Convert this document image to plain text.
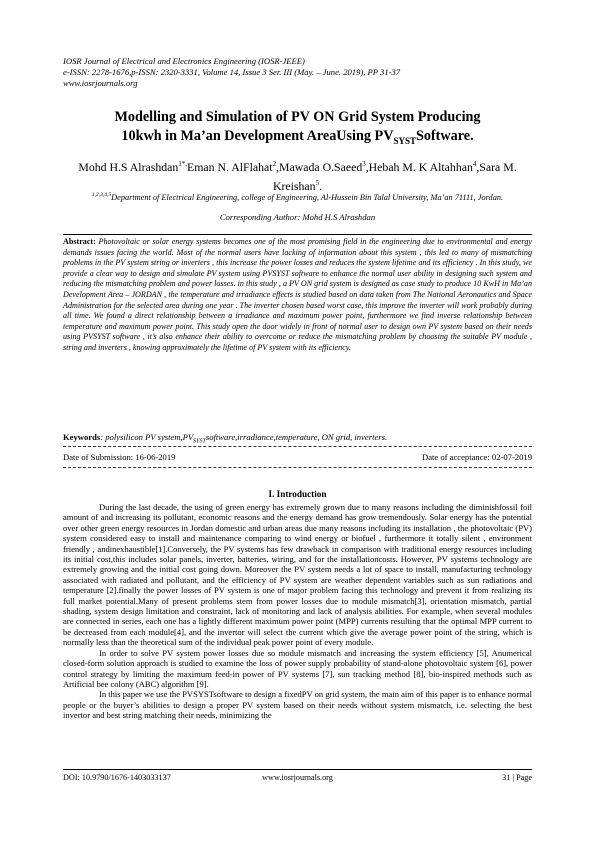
IOSR Journal of Electrical and Electronics Engineering (IOSR-JEEE)
e-ISSN: 2278-1676,p-ISSN: 2320-3331, Volume 14, Issue 3 Ser. III (May. – June. 2019), PP 31-37
www.iosrjournals.org
Modelling and Simulation of PV ON Grid System Producing
10kwh in Ma’an Development AreaUsing $PV_{SYST}Software$.
Mohd H.S Alrashdan$^{1*,}$Eman N. AlFlahat$^2$,Mawada O.Saeed$^3$,Hebah M. K Altahhan$^4$,Sara M. Kreishan$^5$.
$^{1,2,3,4,5}$Department of Electrical Engineering, college of Engineering, Al-Hussein Bin Talal University, Ma’an 71111, Jordan.
Corresponding Author: Mohd H.S Alrashdan
Abstract: Photovoltaic or solar energy systems becomes one of the most promising field in the engineering due to environmental and energy demands issues facing the world. Most of the normal users have lacking of information about this system , this led to many of mismatching problems in the PV system string or inverters , this increase the power losses and reduces the system lifetime and its efficiency . In this study, we provide a clear way to design and simulate PV system using PVSYST software to enhance the normal user ability in designing such system and reducing the mismatching problem and power losses. in this study , a PV ON grid system is designed as case study to produce 10 KwH in Ma’an Development Area – JORDAN , the temperature and irradiance effects is studied based on data taken from The National Aeronautics and Space Administration for the selected area during one year . The inverter chosen based worst case, this improve the inverter will work probably during all time. We found a direct relationship between a irradiance and maximum power point, furthermore we find inverse relationship between temperature and maximum power point. This study open the door widely in front of normal user to design own PV system based on their needs using PVSYST software , it’s also enhance their ability to overcome or reduce the mismatching problem by choosing the suitable PV module , string and inverters , knowing approximately the lifetime of PV system with its efficiency.
Keywords: polysilicon PV $system,PV_{SYST}software,irradiance,temperature$, ON grid, inverters.
Date of Submission: 16-06-2019	Date of acceptance: 02-07-2019
I. Introduction

During the last decade, the using of green energy has extremely grown due to many reasons including the diminishfossil foil amount of and increasing its pollutant, economic reasons and the energy demand has grow tremendously. Solar energy has the potential over other green energy resources in Jordan domestic and urban areas due many reasons including its installation , the photovoltaic (PV) system considered easy to install and maintenance comparing to wind energy or biofuel , furthermore it totally silent , environment friendly , andinexhaustible[1].Conversely, the PV systems has few drawback in comparison with traditional energy resources including its initial cost,this includes solar panels, inverter, batteries, wiring, and for the installationcosts. However, PV systems technology are extremely growing and the initial cost going down. Moreover the PV system needs a lot of space to install, manufacturing technology associated with radiated and pollutant, and the efficiency of PV system are weather dependent variables such as sun radiations and temperature [2].finally the power losses of PV system is one of major problem facing this technology and prevent it from realizing its full market potential.Many of present problems stem from power losses due to module mismatch[3], orientation mismatch, partial shading, system design limitation and constraint, lack of monitoring and lack of analysis abilities. For example, when several modules are connected in series, each one has a lightly different maximum power point (MPP) currents resulting that the optimal MPP current to be decreased from each module[4], and the invertor will select the current which give the average power point of the string, which is normally less than the theoretical sum of the individual peak power point of every module.

In order to solve PV system power losses due so module mismatch and increasing the system efficiency [5], Anumerical closed-form solution approach is studied to examine the loss of power supply probability of stand-alone photovoltaic system [6], power control strategy by limiting the maximum feed-in power of PV systems [7], sun tracking method [8], bio-inspired methods such as Artificial bee colony (ABC) algorithm [9].

In this paper we use the PVSYSTsoftware to design a fixedPV on grid system, the main aim of this paper is to enhance normal people or the buyer’s abilities to design a proper PV system based on their needs without system mismatch, i.e. selecting the best invertor and best string matching their needs, minimizing the

DOI: 10.9790/1676-1403033137	www.iosrjournals.org	31 | Page
